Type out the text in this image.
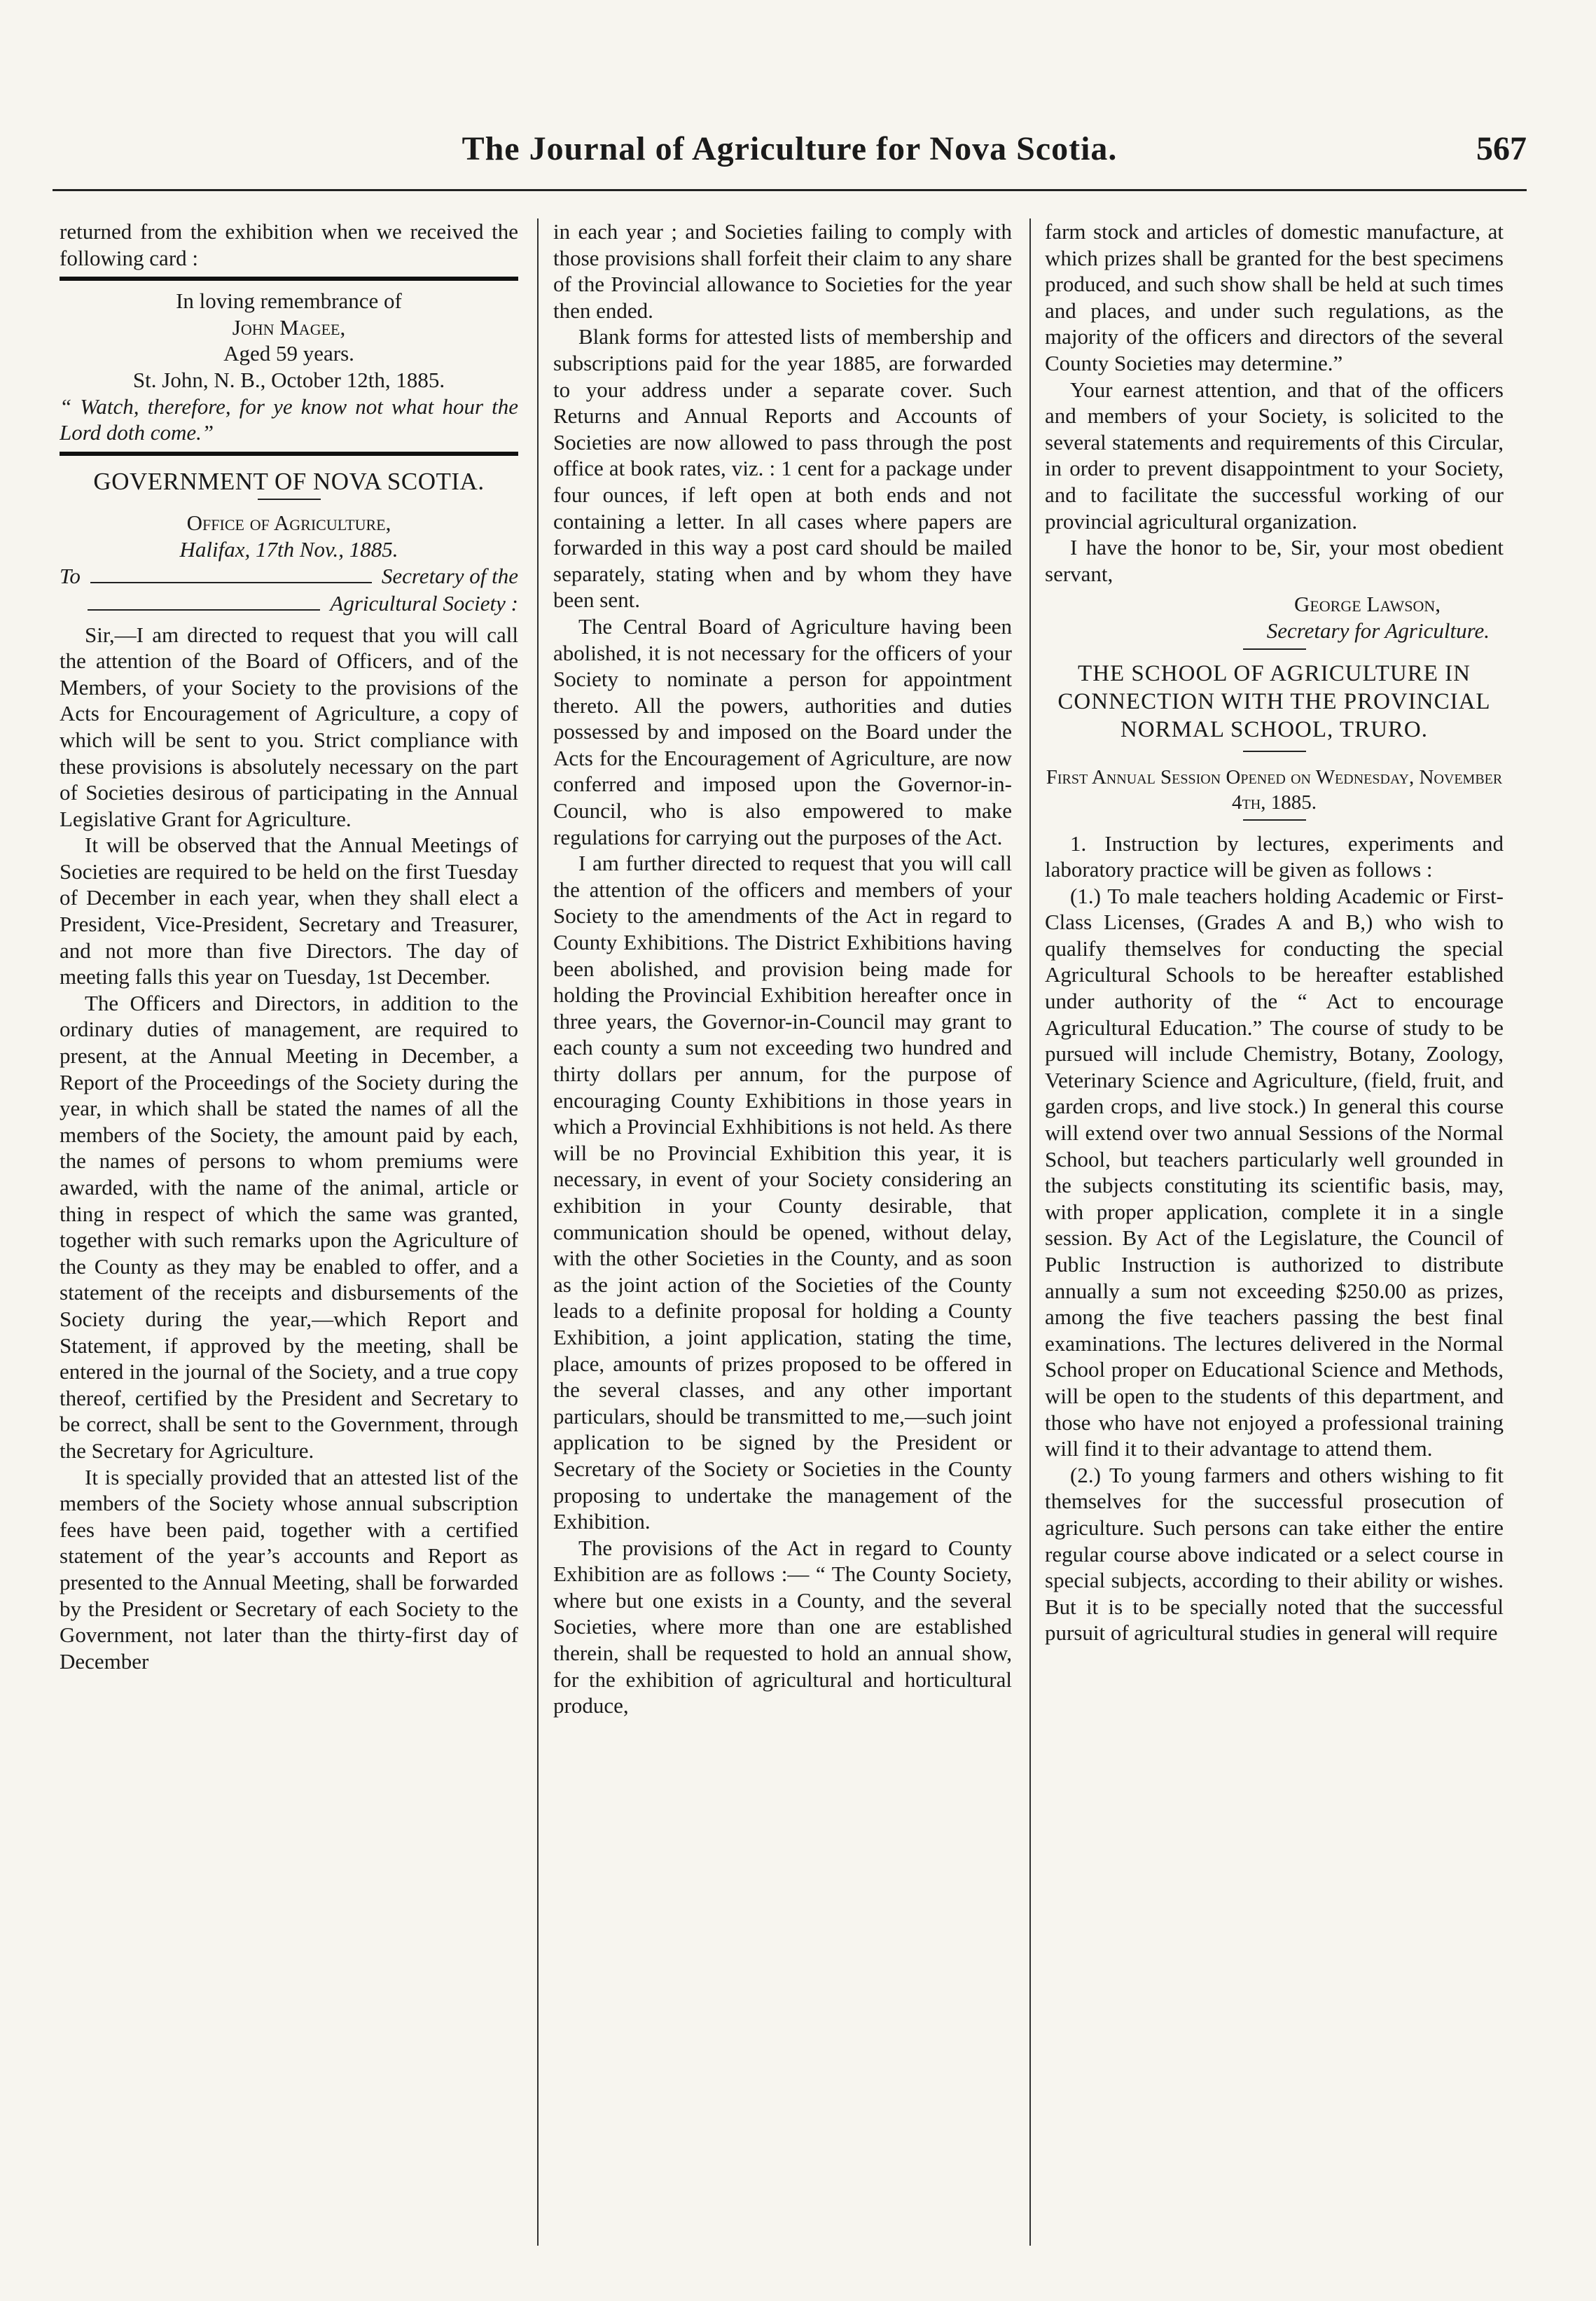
The Journal of Agriculture for Nova Scotia.	567

returned from the exhibition when we received the following card :

In loving remembrance of

John Magee,

Aged 59 years.

St. John, N. B., October 12th, 1885.

“ Watch, therefore, for ye know not what hour the Lord doth come.”

GOVERNMENT OF NOVA SCOTIA.

Office of Agriculture,

Halifax, 17th Nov., 1885.

To	Secretary of the
Agricultural Society :

Sir,—I am directed to request that you will call the attention of the Board of Officers, and of the Members, of your Society to the provisions of the Acts for Encouragement of Agriculture, a copy of which will be sent to you. Strict compliance with these provisions is absolutely necessary on the part of Societies desirous of participating in the Annual Legislative Grant for Agriculture.

It will be observed that the Annual Meetings of Societies are required to be held on the first Tuesday of December in each year, when they shall elect a President, Vice-President, Secretary and Treasurer, and not more than five Directors. The day of meeting falls this year on Tuesday, 1st December.

The Officers and Directors, in addition to the ordinary duties of management, are required to present, at the Annual Meeting in December, a Report of the Proceedings of the Society during the year, in which shall be stated the names of all the members of the Society, the amount paid by each, the names of persons to whom premiums were awarded, with the name of the animal, article or thing in respect of which the same was granted, together with such remarks upon the Agriculture of the County as they may be enabled to offer, and a statement of the receipts and disbursements of the Society during the year,—which Report and Statement, if approved by the meeting, shall be entered in the journal of the Society, and a true copy thereof, certified by the President and Secretary to be correct, shall be sent to the Government, through the Secretary for Agriculture.

It is specially provided that an attested list of the members of the Society whose annual subscription fees have been paid, together with a certified statement of the year’s accounts and Report as presented to the Annual Meeting, shall be forwarded by the President or Secretary of each Society to the Government, not later than the thirty-first day of December

in each year ; and Societies failing to comply with those provisions shall forfeit their claim to any share of the Provincial allowance to Societies for the year then ended.

Blank forms for attested lists of membership and subscriptions paid for the year 1885, are forwarded to your address under a separate cover. Such Returns and Annual Reports and Accounts of Societies are now allowed to pass through the post office at book rates, viz. : 1 cent for a package under four ounces, if left open at both ends and not containing a letter. In all cases where papers are forwarded in this way a post card should be mailed separately, stating when and by whom they have been sent.

The Central Board of Agriculture having been abolished, it is not necessary for the officers of your Society to nominate a person for appointment thereto. All the powers, authorities and duties possessed by and imposed on the Board under the Acts for the Encouragement of Agriculture, are now conferred and imposed upon the Governor-in-Council, who is also empowered to make regulations for carrying out the purposes of the Act.

I am further directed to request that you will call the attention of the officers and members of your Society to the amendments of the Act in regard to County Exhibitions. The District Exhibitions having been abolished, and provision being made for holding the Provincial Exhibition hereafter once in three years, the Governor-in-Council may grant to each county a sum not exceeding two hundred and thirty dollars per annum, for the purpose of encouraging County Exhibitions in those years in which a Provincial Exhhibitions is not held. As there will be no Provincial Exhibition this year, it is necessary, in event of your Society considering an exhibition in your County desirable, that communication should be opened, without delay, with the other Societies in the County, and as soon as the joint action of the Societies of the County leads to a definite proposal for holding a County Exhibition, a joint application, stating the time, place, amounts of prizes proposed to be offered in the several classes, and any other important particulars, should be transmitted to me,—such joint application to be signed by the President or Secretary of the Society or Societies in the County proposing to undertake the management of the Exhibition.

The provisions of the Act in regard to County Exhibition are as follows :— “ The County Society, where but one exists in a County, and the several Societies, where more than one are established therein, shall be requested to hold an annual show, for the exhibition of agricultural and horticultural produce,

farm stock and articles of domestic manufacture, at which prizes shall be granted for the best specimens produced, and such show shall be held at such times and places, and under such regulations, as the majority of the officers and directors of the several County Societies may determine.”

Your earnest attention, and that of the officers and members of your Society, is solicited to the several statements and requirements of this Circular, in order to prevent disappointment to your Society, and to facilitate the successful working of our provincial agricultural organization.

I have the honor to be, Sir, your most obedient servant,

George Lawson,

Secretary for Agriculture.

THE SCHOOL OF AGRICULTURE IN CONNECTION WITH THE PROVINCIAL NORMAL SCHOOL, TRURO.
First Annual Session Opened on Wednesday, November 4th, 1885.

1. Instruction by lectures, experiments and laboratory practice will be given as follows :

(1.) To male teachers holding Academic or First-Class Licenses, (Grades A and B,) who wish to qualify themselves for conducting the special Agricultural Schools to be hereafter established under authority of the “ Act to encourage Agricultural Education.” The course of study to be pursued will include Chemistry, Botany, Zoology, Veterinary Science and Agriculture, (field, fruit, and garden crops, and live stock.) In general this course will extend over two annual Sessions of the Normal School, but teachers particularly well grounded in the subjects constituting its scientific basis, may, with proper application, complete it in a single session. By Act of the Legislature, the Council of Public Instruction is authorized to distribute annually a sum not exceeding $250.00 as prizes, among the five teachers passing the best final examinations. The lectures delivered in the Normal School proper on Educational Science and Methods, will be open to the students of this department, and those who have not enjoyed a professional training will find it to their advantage to attend them.

(2.) To young farmers and others wishing to fit themselves for the successful prosecution of agriculture. Such persons can take either the entire regular course above indicated or a select course in special subjects, according to their ability or wishes. But it is to be specially noted that the successful pursuit of agricultural studies in general will require
